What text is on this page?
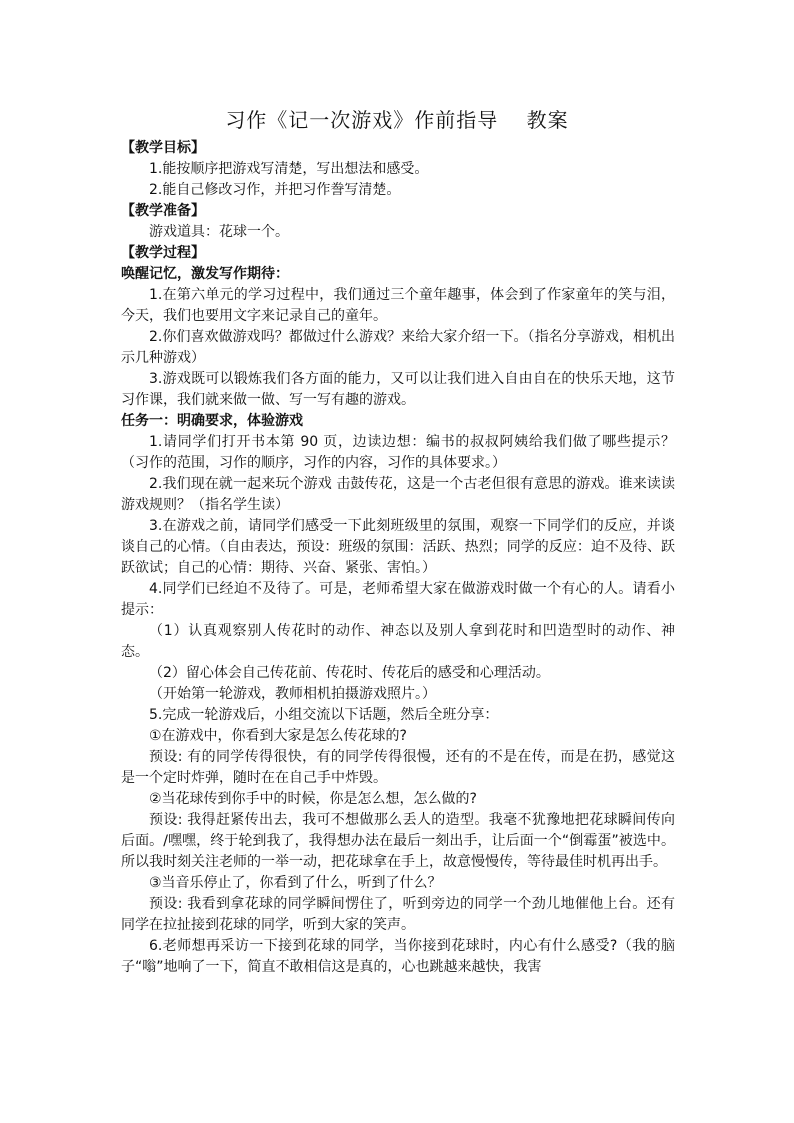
习作《记一次游戏》作前指导　 教案

【教学目标】

1.能按顺序把游戏写清楚，写出想法和感受。

2.能自己修改习作，并把习作誊写清楚。

【教学准备】

游戏道具：花球一个。

【教学过程】

唤醒记忆，激发写作期待：

1.在第六单元的学习过程中，我们通过三个童年趣事，体会到了作家童年的笑与泪，今天，我们也要用文字来记录自己的童年。

2.你们喜欢做游戏吗？都做过什么游戏？来给大家介绍一下。（指名分享游戏，相机出示几种游戏）

3.游戏既可以锻炼我们各方面的能力，又可以让我们进入自由自在的快乐天地，这节习作课，我们就来做一做、写一写有趣的游戏。

任务一：明确要求，体验游戏

1.请同学们打开书本第 90 页，边读边想：编书的叔叔阿姨给我们做了哪些提示？（习作的范围，习作的顺序，习作的内容，习作的具体要求。）

2.我们现在就一起来玩个游戏 击鼓传花，这是一个古老但很有意思的游戏。谁来读读游戏规则？（指名学生读）

3.在游戏之前，请同学们感受一下此刻班级里的氛围，观察一下同学们的反应，并谈谈自己的心情。（自由表达，预设：班级的氛围：活跃、热烈；同学的反应：迫不及待、跃跃欲试；自己的心情：期待、兴奋、紧张、害怕。）

4.同学们已经迫不及待了。可是，老师希望大家在做游戏时做一个有心的人。请看小提示：

（1）认真观察别人传花时的动作、神态以及别人拿到花时和凹造型时的动作、神态。

（2）留心体会自己传花前、传花时、传花后的感受和心理活动。

（开始第一轮游戏，教师相机拍摄游戏照片。）

5.完成一轮游戏后，小组交流以下话题，然后全班分享：

①在游戏中，你看到大家是怎么传花球的?

预设: 有的同学传得很快，有的同学传得很慢，还有的不是在传，而是在扔，感觉这是一个定时炸弹，随时在在自己手中炸毁。

②当花球传到你手中的时候，你是怎么想，怎么做的?

预设: 我得赶紧传出去，我可不想做那么丢人的造型。我毫不犹豫地把花球瞬间传向后面。/嘿嘿，终于轮到我了，我得想办法在最后一刻出手，让后面一个“倒霉蛋”被选中。所以我时刻关注老师的一举一动，把花球拿在手上，故意慢慢传，等待最佳时机再出手。

③当音乐停止了，你看到了什么，听到了什么？

预设: 我看到拿花球的同学瞬间愣住了，听到旁边的同学一个劲儿地催他上台。还有同学在拉扯接到花球的同学，听到大家的笑声。

6.老师想再采访一下接到花球的同学，当你接到花球时，内心有什么感受?（我的脑子“嗡”地响了一下，简直不敢相信这是真的，心也跳越来越快，我害
